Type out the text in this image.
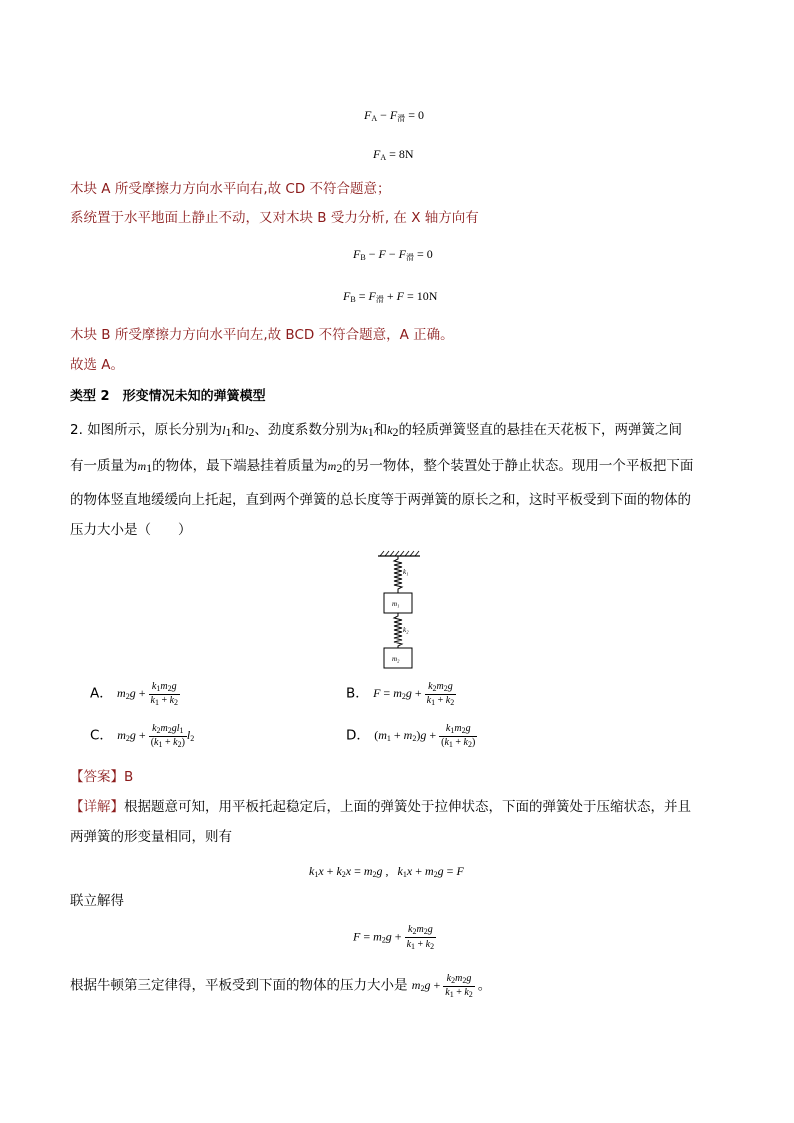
$F_A - F_滑 = 0$
$F_A = 8N$
木块 A 所受摩擦力方向水平向右,故 CD 不符合题意；
系统置于水平地面上静止不动，又对木块 B 受力分析, 在 X 轴方向有
$F_B - F - F_滑 = 0$
$F_B = F_滑 + F = 10N$
木块 B 所受摩擦力方向水平向左,故 BCD 不符合题意，A 正确。
故选 A。
类型 2　形变情况未知的弹簧模型
2. 如图所示，原长分别为$l_1$和$l_2$、劲度系数分别为$k_1$和$k_2$的轻质弹簧竖直的悬挂在天花板下，两弹簧之间
有一质量为$m_1$的物体，最下端悬挂着质量为$m_2$的另一物体，整个装置处于静止状态。现用一个平板把下面
的物体竖直地缓缓向上托起，直到两个弹簧的总长度等于两弹簧的原长之和，这时平板受到下面的物体的
压力大小是（　　）
k₁
m₁
k₂
m₂
A． $m_2g + \frac{k_1m_2g}{k_1 + k_2}$	B． $F = m_2g + \frac{k_2m_2g}{k_1 + k_2}$
C． $m_2g + \frac{k_2m_2gl_1}{(k_1 + k_2)} l_2$	D． $(m_1 + m_2)g + \frac{k_1m_2g}{(k_1 + k_2)}$
【答案】B
【详解】根据题意可知，用平板托起稳定后，上面的弹簧处于拉伸状态，下面的弹簧处于压缩状态，并且
两弹簧的形变量相同，则有
$k_1x + k_2x = m_2g$ ,   $k_1x + m_2g = F$
联立解得
$F = m_2g + \frac{k_2m_2g}{k_1 + k_2}$
根据牛顿第三定律得，平板受到下面的物体的压力大小是 $m_2g + \frac{k_2m_2g}{k_1 + k_2}$ 。
